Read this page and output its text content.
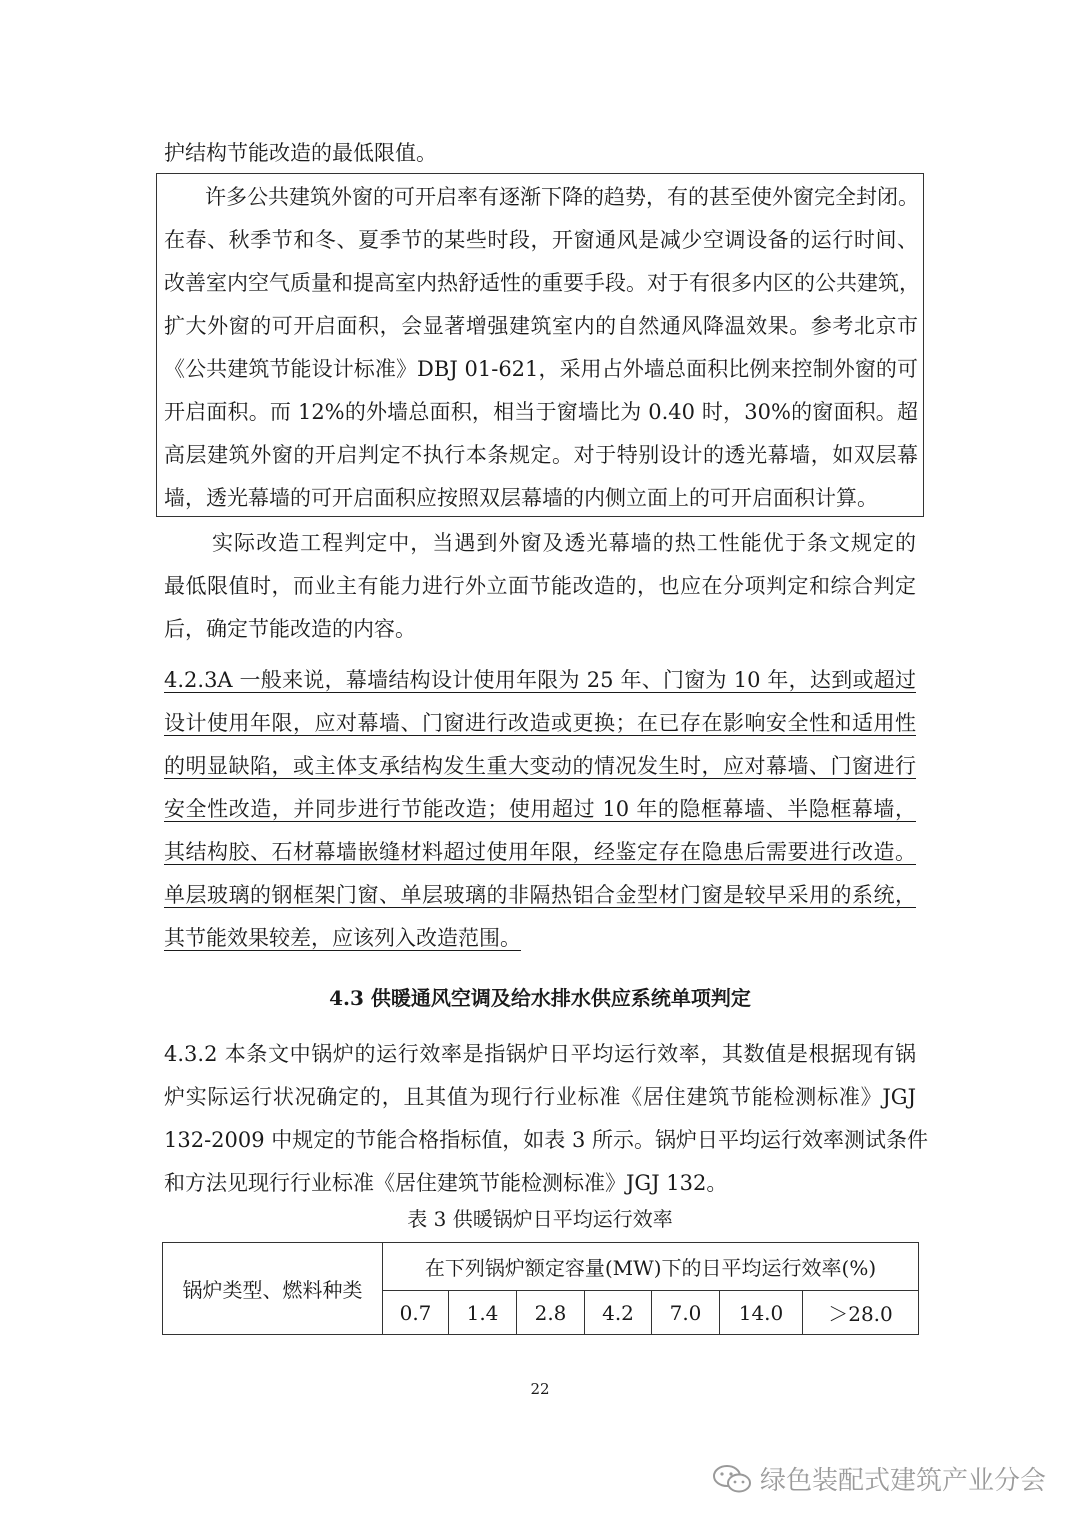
护结构节能改造的最低限值。
许多公共建筑外窗的可开启率有逐渐下降的趋势，有的甚至使外窗完全封闭。
在春、秋季节和冬、夏季节的某些时段，开窗通风是减少空调设备的运行时间、
改善室内空气质量和提高室内热舒适性的重要手段。对于有很多内区的公共建筑，
扩大外窗的可开启面积，会显著增强建筑室内的自然通风降温效果。参考北京市
《公共建筑节能设计标准》DBJ 01-621，采用占外墙总面积比例来控制外窗的可
开启面积。而 12%的外墙总面积，相当于窗墙比为 0.40 时，30%的窗面积。超
高层建筑外窗的开启判定不执行本条规定。对于特别设计的透光幕墙，如双层幕
墙，透光幕墙的可开启面积应按照双层幕墙的内侧立面上的可开启面积计算。
实际改造工程判定中，当遇到外窗及透光幕墙的热工性能优于条文规定的
最低限值时，而业主有能力进行外立面节能改造的，也应在分项判定和综合判定
后，确定节能改造的内容。
4.2.3A 一般来说，幕墙结构设计使用年限为 25 年、门窗为 10 年，达到或超过
设计使用年限，应对幕墙、门窗进行改造或更换；在已存在影响安全性和适用性
的明显缺陷，或主体支承结构发生重大变动的情况发生时，应对幕墙、门窗进行
安全性改造，并同步进行节能改造；使用超过 10 年的隐框幕墙、半隐框幕墙，
其结构胶、石材幕墙嵌缝材料超过使用年限，经鉴定存在隐患后需要进行改造。
单层玻璃的钢框架门窗、单层玻璃的非隔热铝合金型材门窗是较早采用的系统，
其节能效果较差，应该列入改造范围。
4.3 供暖通风空调及给水排水供应系统单项判定
4.3.2 本条文中锅炉的运行效率是指锅炉日平均运行效率，其数值是根据现有锅
炉实际运行状况确定的，且其值为现行行业标准《居住建筑节能检测标准》JGJ
132-2009 中规定的节能合格指标值，如表 3 所示。锅炉日平均运行效率测试条件
和方法见现行行业标准《居住建筑节能检测标准》JGJ 132。
表 3 供暖锅炉日平均运行效率
锅炉类型、燃料种类	在下列锅炉额定容量(MW)下的日平均运行效率(%)						
	0.7	1.4	2.8	4.2	7.0	14.0	＞28.0
22
绿色装配式建筑产业分会
